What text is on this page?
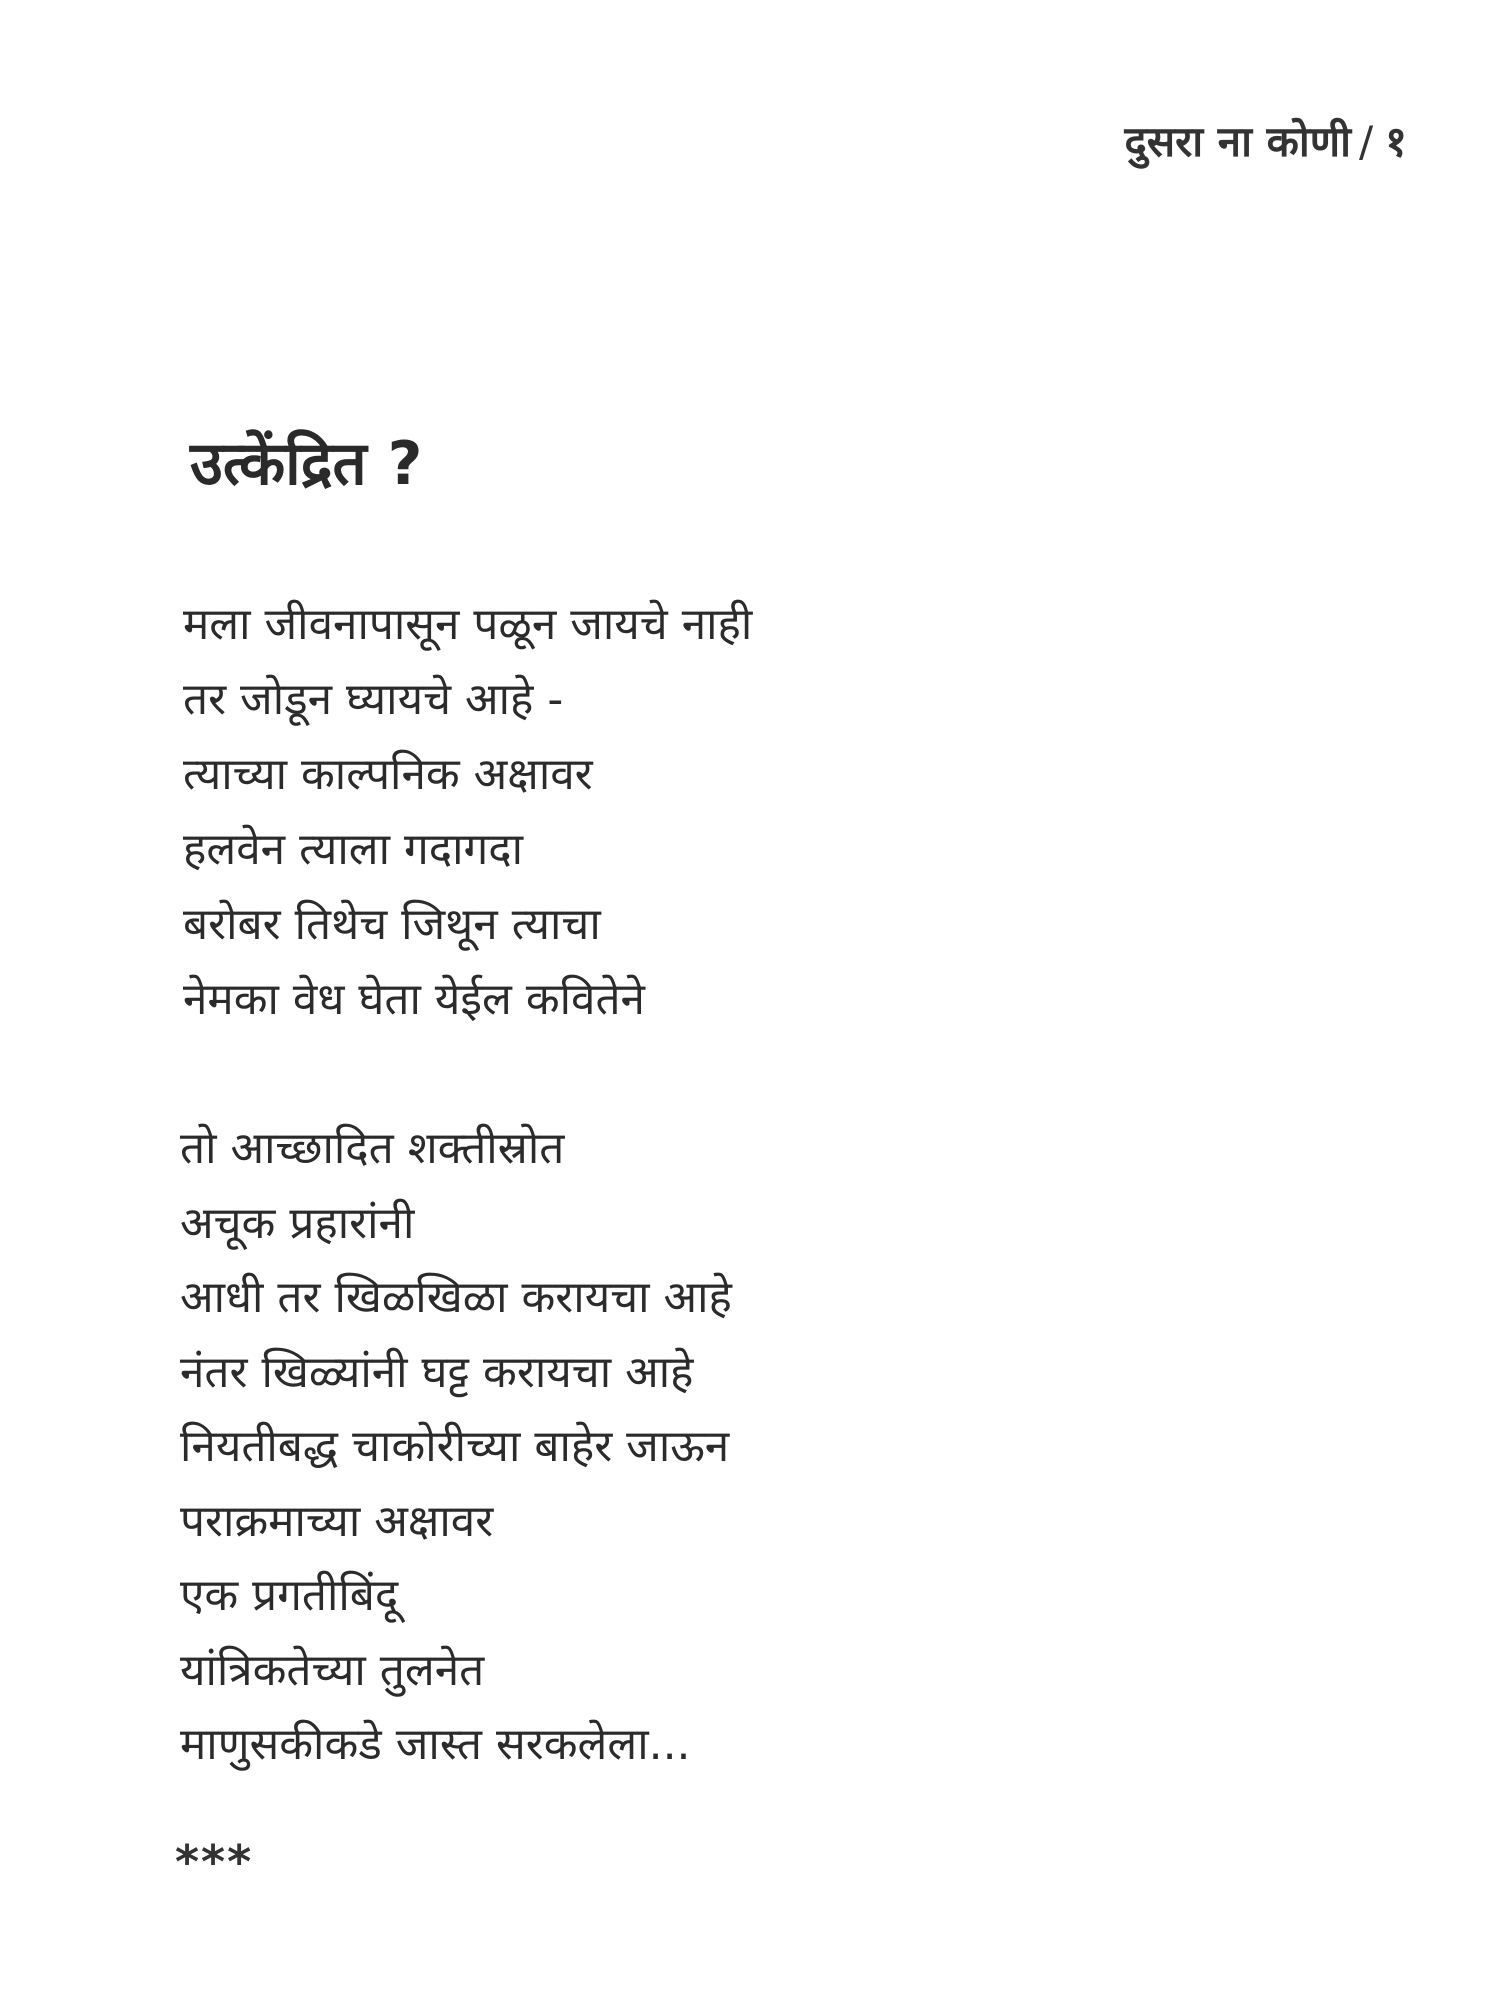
दुसरा ना कोणी / १
उत्केंद्रित ?
मला जीवनापासून पळून जायचे नाही
तर जोडून घ्यायचे आहे -
त्याच्या काल्पनिक अक्षावर
हलवेन त्याला गदागदा
बरोबर तिथेच जिथून त्याचा
नेमका वेध घेता येईल कवितेने
तो आच्छादित शक्तीस्रोत
अचूक प्रहारांनी
आधी तर खिळखिळा करायचा आहे
नंतर खिळ्यांनी घट्ट करायचा आहे
नियतीबद्ध चाकोरीच्या बाहेर जाऊन
पराक्रमाच्या अक्षावर
एक प्रगतीबिंदू
यांत्रिकतेच्या तुलनेत
माणुसकीकडे जास्त सरकलेला...
***
